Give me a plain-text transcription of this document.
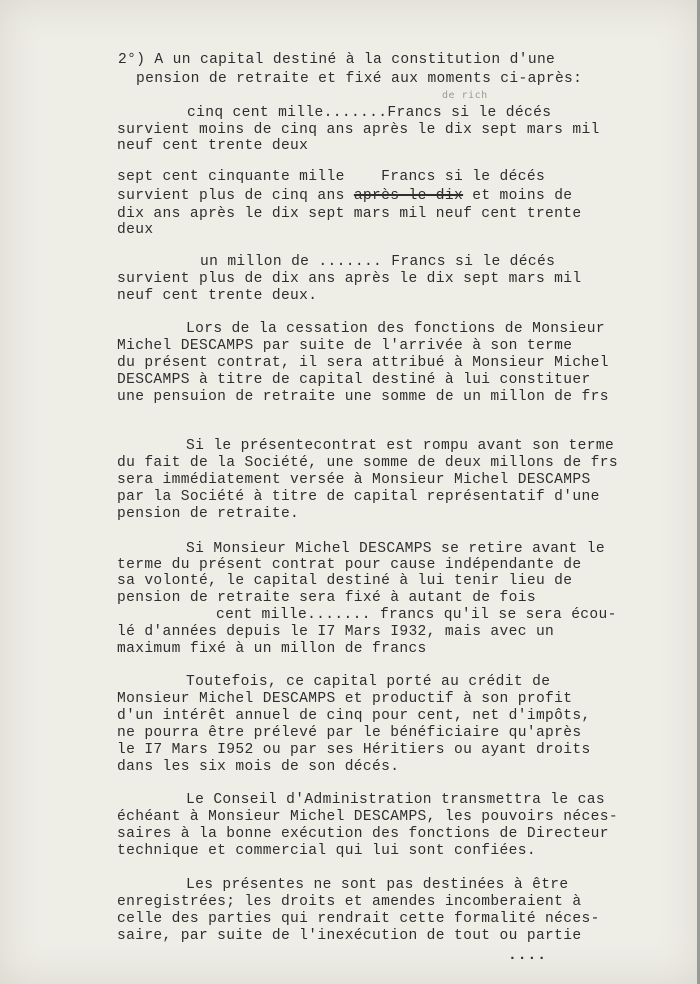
de rich
2°) A un capital destiné à la constitution d'une
pension de retraite et fixé aux moments ci-après:
cinq cent mille.......Francs si le décés
survient moins de cinq ans après le dix sept mars mil
neuf cent trente deux
sept cent cinquante mille    Francs si le décés
survient plus de cinq ans après le dix et moins de
dix ans après le dix sept mars mil neuf cent trente
deux
un millon de ....... Francs si le décés
survient plus de dix ans après le dix sept mars mil
neuf cent trente deux.
Lors de la cessation des fonctions de Monsieur
Michel DESCAMPS par suite de l'arrivée à son terme
du présent contrat, il sera attribué à Monsieur Michel
DESCAMPS à titre de capital destiné à lui constituer
une pensuion de retraite une somme de un millon de frs
Si le présentecontrat est rompu avant son terme
du fait de la Société, une somme de deux millons de frs
sera immédiatement versée à Monsieur Michel DESCAMPS
par la Société à titre de capital représentatif d'une
pension de retraite.
Si Monsieur Michel DESCAMPS se retire avant le
terme du présent contrat pour cause indépendante de
sa volonté, le capital destiné à lui tenir lieu de
pension de retraite sera fixé à autant de fois
cent mille....... francs qu'il se sera écou-
lé d'années depuis le I7 Mars I932, mais avec un
maximum fixé à un millon de francs
Toutefois, ce capital porté au crédit de
Monsieur Michel DESCAMPS et productif à son profit
d'un intérêt annuel de cinq pour cent, net d'impôts,
ne pourra être prélevé par le bénéficiaire qu'après
le I7 Mars I952 ou par ses Héritiers ou ayant droits
dans les six mois de son décés.
Le Conseil d'Administration transmettra le cas
échéant à Monsieur Michel DESCAMPS, les pouvoirs néces-
saires à la bonne exécution des fonctions de Directeur
technique et commercial qui lui sont confiées.
Les présentes ne sont pas destinées à être
enregistrées; les droits et amendes incomberaient à
celle des parties qui rendrait cette formalité néces-
saire, par suite de l'inexécution de tout ou partie
....
